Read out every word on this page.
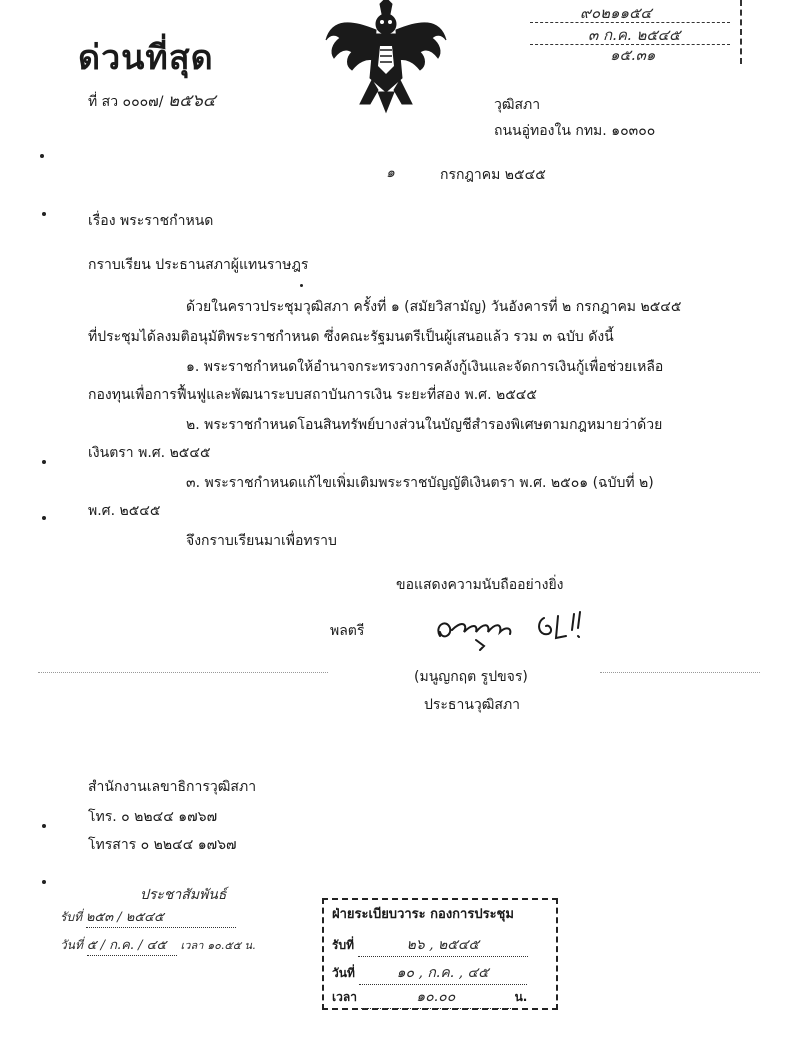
ด่วนที่สุด
๙๐๒๑๑๕๔
๓ ก.ค. ๒๕๔๕
๑๕.๓๑
ที่ สว ๐๐๐๗/ ๒๕๖๔	วุฒิสภา
ถนนอู่ทองใน กทม. ๑๐๓๐๐
๑	กรกฎาคม ๒๕๔๕
เรื่อง พระราชกำหนด
กราบเรียน ประธานสภาผู้แทนราษฎร
ด้วยในคราวประชุมวุฒิสภา ครั้งที่ ๑ (สมัยวิสามัญ) วันอังคารที่ ๒ กรกฎาคม ๒๕๔๕
ที่ประชุมได้ลงมติอนุมัติพระราชกำหนด ซึ่งคณะรัฐมนตรีเป็นผู้เสนอแล้ว รวม ๓ ฉบับ ดังนี้
๑. พระราชกำหนดให้อำนาจกระทรวงการคลังกู้เงินและจัดการเงินกู้เพื่อช่วยเหลือ
กองทุนเพื่อการฟื้นฟูและพัฒนาระบบสถาบันการเงิน ระยะที่สอง พ.ศ. ๒๕๔๕
๒. พระราชกำหนดโอนสินทรัพย์บางส่วนในบัญชีสำรองพิเศษตามกฎหมายว่าด้วย
เงินตรา พ.ศ. ๒๕๔๕
๓. พระราชกำหนดแก้ไขเพิ่มเติมพระราชบัญญัติเงินตรา พ.ศ. ๒๕๐๑ (ฉบับที่ ๒)
พ.ศ. ๒๕๔๕
จึงกราบเรียนมาเพื่อทราบ
ขอแสดงความนับถืออย่างยิ่ง
พลตรี
(มนูญกฤต รูปขจร)
ประธานวุฒิสภา
สำนักงานเลขาธิการวุฒิสภา
โทร. ๐ ๒๒๔๔ ๑๗๖๗
โทรสาร ๐ ๒๒๔๔ ๑๗๖๗
ประชาสัมพันธ์
รับที่ ๒๕๓ / ๒๕๔๕
วันที่ ๕ / ก.ค. / ๔๕ เวลา ๑๐.๕๕ น.
ฝ่ายระเบียบวาระ กองการประชุม
รับที่	๒๖ , ๒๕๔๕
วันที่	๑๐ , ก.ค. , ๔๕
เวลา	๑๐.๐๐	น.
